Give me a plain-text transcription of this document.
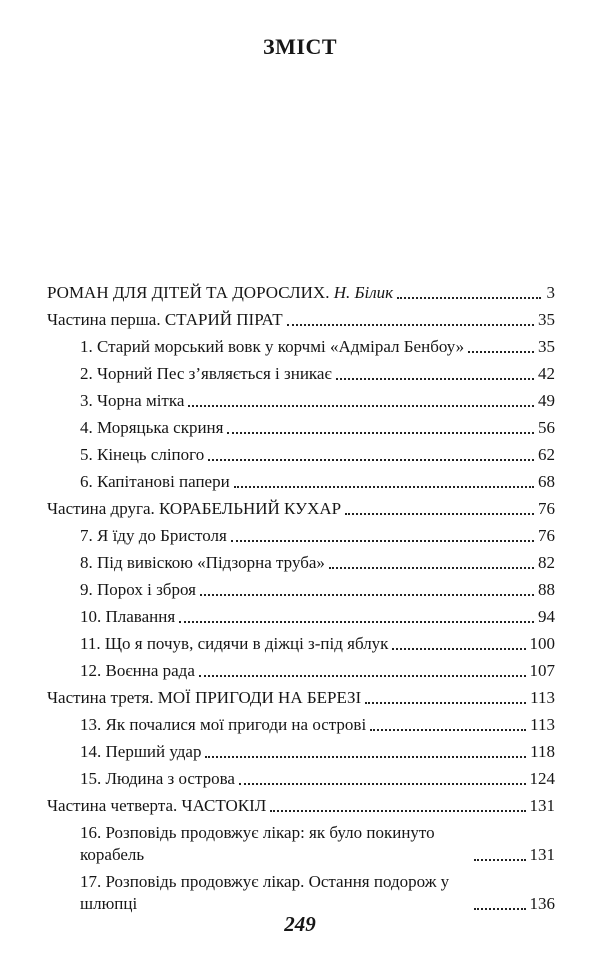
ЗМІСТ
РОМАН ДЛЯ ДІТЕЙ ТА ДОРОСЛИХ. Н. Білик	3
Частина перша. СТАРИЙ ПІРАТ	35
1. Старий морський вовк у корчмі «Адмірал Бенбоу»	35
2. Чорний Пес з’являється і зникає	42
3. Чорна мітка	49
4. Моряцька скриня	56
5. Кінець сліпого	62
6. Капітанові папери	68
Частина друга. КОРАБЕЛЬНИЙ КУХАР	76
7. Я їду до Бристоля	76
8. Під вивіскою «Підзорна труба»	82
9. Порох і зброя	88
10. Плавання	94
11. Що я почув, сидячи в діжці з-під яблук	100
12. Воєнна рада	107
Частина третя. МОЇ ПРИГОДИ НА БЕРЕЗІ	113
13. Як почалися мої пригоди на острові	113
14. Перший удар	118
15. Людина з острова	124
Частина четверта. ЧАСТОКІЛ	131
16. Розповідь продовжує лікар: як було покинуто корабель	131
17. Розповідь продовжує лікар. Остання подорож у шлюпці	136
249
